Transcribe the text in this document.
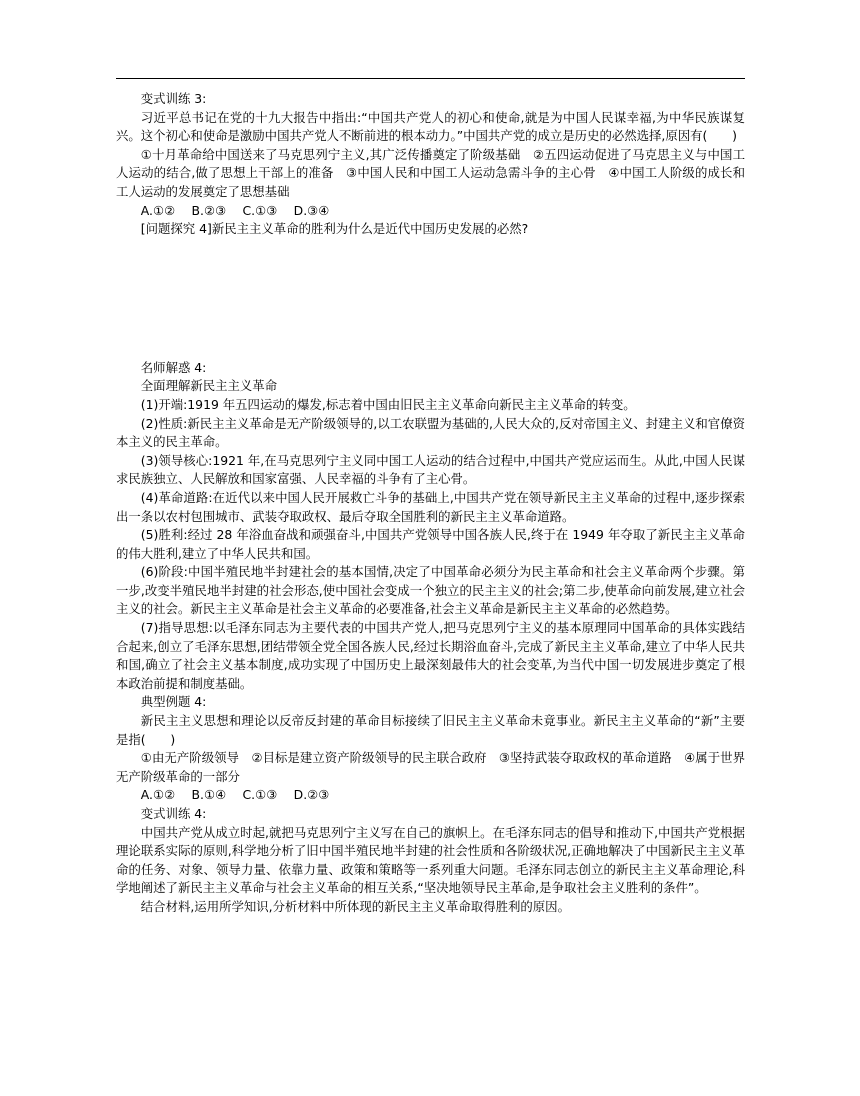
变式训练 3:

习近平总书记在党的十九大报告中指出:“中国共产党人的初心和使命,就是为中国人民谋幸福,为中华民族谋复兴。这个初心和使命是激励中国共产党人不断前进的根本动力。”中国共产党的成立是历史的必然选择,原因有(　　)

①十月革命给中国送来了马克思列宁主义,其广泛传播奠定了阶级基础　②五四运动促进了马克思主义与中国工人运动的结合,做了思想上干部上的准备　③中国人民和中国工人运动急需斗争的主心骨　④中国工人阶级的成长和工人运动的发展奠定了思想基础

A.①②　 B.②③　 C.①③　 D.③④

[问题探究 4]新民主主义革命的胜利为什么是近代中国历史发展的必然?

名师解惑 4:

全面理解新民主主义革命

(1)开端:1919 年五四运动的爆发,标志着中国由旧民主主义革命向新民主主义革命的转变。

(2)性质:新民主主义革命是无产阶级领导的,以工农联盟为基础的,人民大众的,反对帝国主义、封建主义和官僚资本主义的民主革命。

(3)领导核心:1921 年,在马克思列宁主义同中国工人运动的结合过程中,中国共产党应运而生。从此,中国人民谋求民族独立、人民解放和国家富强、人民幸福的斗争有了主心骨。

(4)革命道路:在近代以来中国人民开展救亡斗争的基础上,中国共产党在领导新民主主义革命的过程中,逐步探索出一条以农村包围城市、武装夺取政权、最后夺取全国胜利的新民主主义革命道路。

(5)胜利:经过 28 年浴血奋战和顽强奋斗,中国共产党领导中国各族人民,终于在 1949 年夺取了新民主主义革命的伟大胜利,建立了中华人民共和国。

(6)阶段:中国半殖民地半封建社会的基本国情,决定了中国革命必须分为民主革命和社会主义革命两个步骤。第一步,改变半殖民地半封建的社会形态,使中国社会变成一个独立的民主主义的社会;第二步,使革命向前发展,建立社会主义的社会。新民主主义革命是社会主义革命的必要准备,社会主义革命是新民主主义革命的必然趋势。

(7)指导思想:以毛泽东同志为主要代表的中国共产党人,把马克思列宁主义的基本原理同中国革命的具体实践结合起来,创立了毛泽东思想,团结带领全党全国各族人民,经过长期浴血奋斗,完成了新民主主义革命,建立了中华人民共和国,确立了社会主义基本制度,成功实现了中国历史上最深刻最伟大的社会变革,为当代中国一切发展进步奠定了根本政治前提和制度基础。

典型例题 4:

新民主主义思想和理论以反帝反封建的革命目标接续了旧民主主义革命未竟事业。新民主主义革命的“新”主要是指(　　)

①由无产阶级领导　②目标是建立资产阶级领导的民主联合政府　③坚持武装夺取政权的革命道路　④属于世界无产阶级革命的一部分

A.①②　 B.①④　 C.①③　 D.②③

变式训练 4:

中国共产党从成立时起,就把马克思列宁主义写在自己的旗帜上。在毛泽东同志的倡导和推动下,中国共产党根据理论联系实际的原则,科学地分析了旧中国半殖民地半封建的社会性质和各阶级状况,正确地解决了中国新民主主义革命的任务、对象、领导力量、依靠力量、政策和策略等一系列重大问题。毛泽东同志创立的新民主主义革命理论,科学地阐述了新民主主义革命与社会主义革命的相互关系,“坚决地领导民主革命,是争取社会主义胜利的条件”。

结合材料,运用所学知识,分析材料中所体现的新民主主义革命取得胜利的原因。
